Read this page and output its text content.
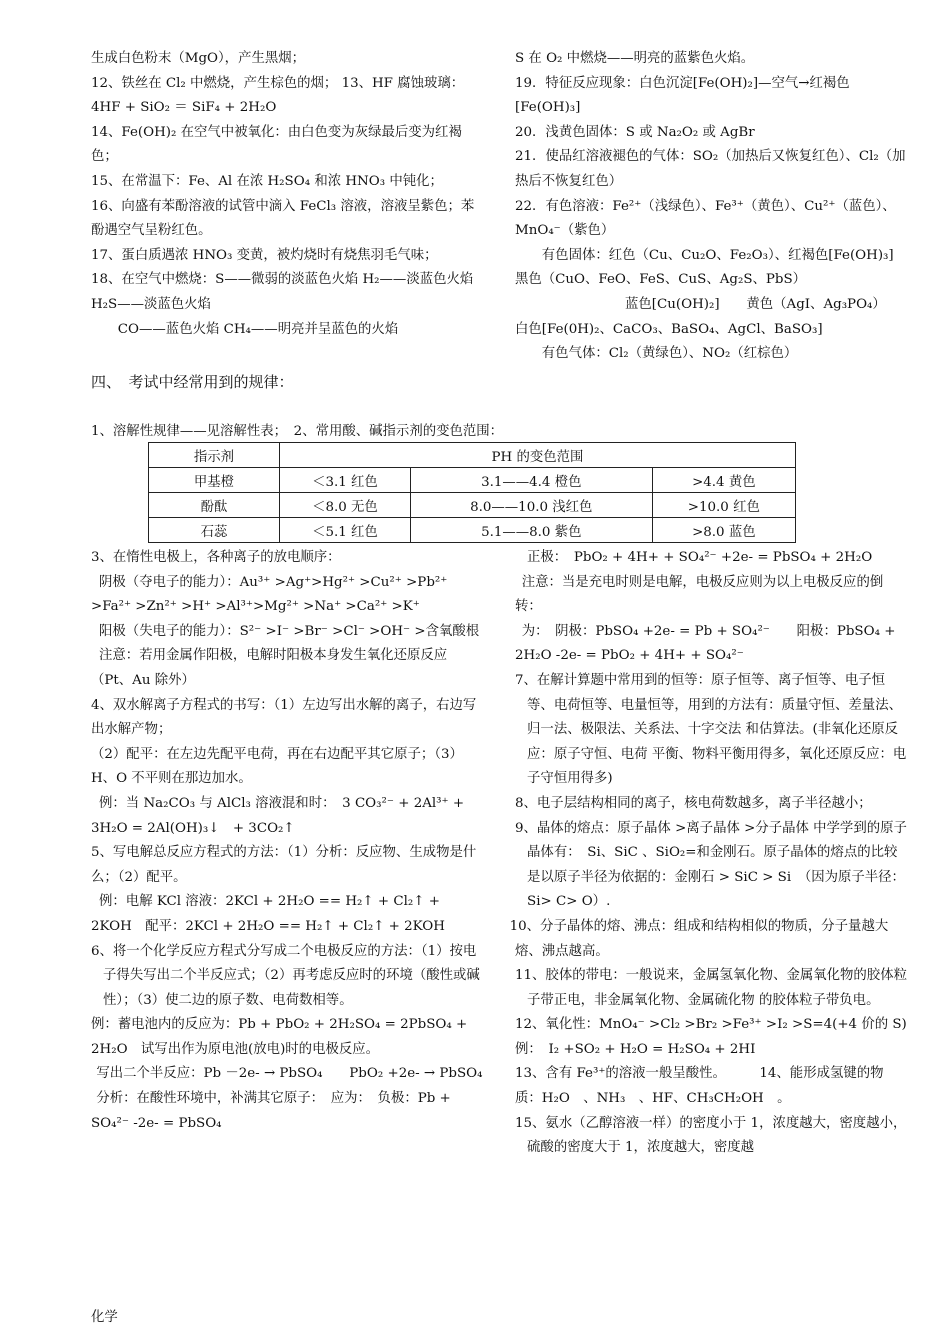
生成白色粉末（MgO），产生黑烟；

12、铁丝在 Cl₂ 中燃烧，产生棕色的烟； 13、HF 腐蚀玻璃：4HF + SiO₂ ＝ SiF₄ + 2H₂O

14、Fe(OH)₂ 在空气中被氧化：由白色变为灰绿最后变为红褐色；

15、在常温下：Fe、Al 在浓 H₂SO₄ 和浓 HNO₃ 中钝化；

16、向盛有苯酚溶液的试管中滴入 FeCl₃ 溶液，溶液呈紫色；苯酚遇空气呈粉红色。

17、蛋白质遇浓 HNO₃ 变黄，被灼烧时有烧焦羽毛气味；

18、在空气中燃烧：S——微弱的淡蓝色火焰 H₂——淡蓝色火焰　H₂S——淡蓝色火焰

CO——蓝色火焰 CH₄——明亮并呈蓝色的火焰

S 在 O₂ 中燃烧——明亮的蓝紫色火焰。

19．特征反应现象：白色沉淀[Fe(OH)₂]—空气→红褐色[Fe(OH)₃]

20．浅黄色固体：S 或 Na₂O₂ 或 AgBr

21．使品红溶液褪色的气体：SO₂（加热后又恢复红色）、Cl₂（加热后不恢复红色）

22．有色溶液：Fe²⁺（浅绿色）、Fe³⁺（黄色）、Cu²⁺（蓝色）、MnO₄⁻（紫色）

有色固体：红色（Cu、Cu₂O、Fe₂O₃）、红褐色[Fe(OH)₃] 黑色（CuO、FeO、FeS、CuS、Ag₂S、PbS）

蓝色[Cu(OH)₂]　　黄色（AgI、Ag₃PO₄）

白色[Fe(0H)₂、CaCO₃、BaSO₄、AgCl、BaSO₃]

有色气体：Cl₂（黄绿色）、NO₂（红棕色）

四、　考试中经常用到的规律：
1、溶解性规律——见溶解性表；　2、常用酸、碱指示剂的变色范围：
指示剂	PH 的变色范围		
甲基橙	＜3.1 红色	3.1——4.4 橙色	>4.4 黄色
酚酞	＜8.0 无色	8.0——10.0 浅红色	>10.0 红色
石蕊	＜5.1 红色	5.1——8.0 紫色	>8.0 蓝色

3、在惰性电极上，各种离子的放电顺序：

阴极（夺电子的能力）：Au³⁺ >Ag⁺>Hg²⁺ >Cu²⁺ >Pb²⁺ >Fa²⁺ >Zn²⁺ >H⁺ >Al³⁺>Mg²⁺ >Na⁺ >Ca²⁺ >K⁺

阳极（失电子的能力）：S²⁻ >I⁻ >Br⁻ >Cl⁻ >OH⁻ >含氧酸根

注意：若用金属作阳极，电解时阳极本身发生氧化还原反应（Pt、Au 除外）

4、双水解离子方程式的书写：（1）左边写出水解的离子，右边写出水解产物；

（2）配平：在左边先配平电荷，再在右边配平其它原子；（3）H、O 不平则在那边加水。

例：当 Na₂CO₃ 与 AlCl₃ 溶液混和时：　3 CO₃²⁻ + 2Al³⁺ + 3H₂O = 2Al(OH)₃↓　+ 3CO₂↑

5、写电解总反应方程式的方法：（1）分析：反应物、生成物是什么；（2）配平。

例：电解 KCl 溶液：2KCl + 2H₂O == H₂↑ + Cl₂↑ + 2KOH　配平：2KCl + 2H₂O == H₂↑ + Cl₂↑ + 2KOH

6、将一个化学反应方程式分写成二个电极反应的方法：（1）按电子得失写出二个半反应式；（2）再考虑反应时的环境（酸性或碱性）；（3）使二边的原子数、电荷数相等。

例：蓄电池内的反应为：Pb + PbO₂ + 2H₂SO₄ = 2PbSO₄ + 2H₂O　试写出作为原电池(放电)时的电极反应。

写出二个半反应：Pb －2e- → PbSO₄　　PbO₂ +2e- → PbSO₄

分析：在酸性环境中，补满其它原子：　应为：　负极：Pb + SO₄²⁻ -2e- = PbSO₄

正极：　PbO₂ + 4H+ + SO₄²⁻ +2e- = PbSO₄ + 2H₂O

注意：当是充电时则是电解，电极反应则为以上电极反应的倒转：

为：　阴极：PbSO₄ +2e- = Pb + SO₄²⁻　　阳极：PbSO₄ + 2H₂O -2e- = PbO₂ + 4H+ + SO₄²⁻

7、在解计算题中常用到的恒等：原子恒等、离子恒等、电子恒等、电荷恒等、电量恒等，用到的方法有：质量守恒、差量法、归一法、极限法、关系法、十字交法 和估算法。(非氧化还原反应：原子守恒、电荷 平衡、物料平衡用得多，氧化还原反应：电子守恒用得多)

8、电子层结构相同的离子，核电荷数越多，离子半径越小；

9、晶体的熔点：原子晶体 >离子晶体 >分子晶体 中学学到的原子晶体有：　Si、SiC 、SiO₂=和金刚石。原子晶体的熔点的比较是以原子半径为依据的：金刚石 > SiC > Si　（因为原子半径：Si> C> O）.

10、分子晶体的熔、沸点：组成和结构相似的物质，分子量越大熔、沸点越高。

11、胶体的带电：一般说来，金属氢氧化物、金属氧化物的胶体粒子带正电，非金属氧化物、金属硫化物 的胶体粒子带负电。

12、氧化性：MnO₄⁻ >Cl₂ >Br₂ >Fe³⁺ >I₂ >S=4(+4 价的 S)　例：　I₂ +SO₂ + H₂O = H₂SO₄ + 2HI

13、含有 Fe³⁺的溶液一般呈酸性。　　　14、能形成氢键的物质：H₂O　、NH₃　、HF、CH₃CH₂OH　。

15、氨水（乙醇溶液一样）的密度小于 1，浓度越大，密度越小，硫酸的密度大于 1，浓度越大，密度越

化学
